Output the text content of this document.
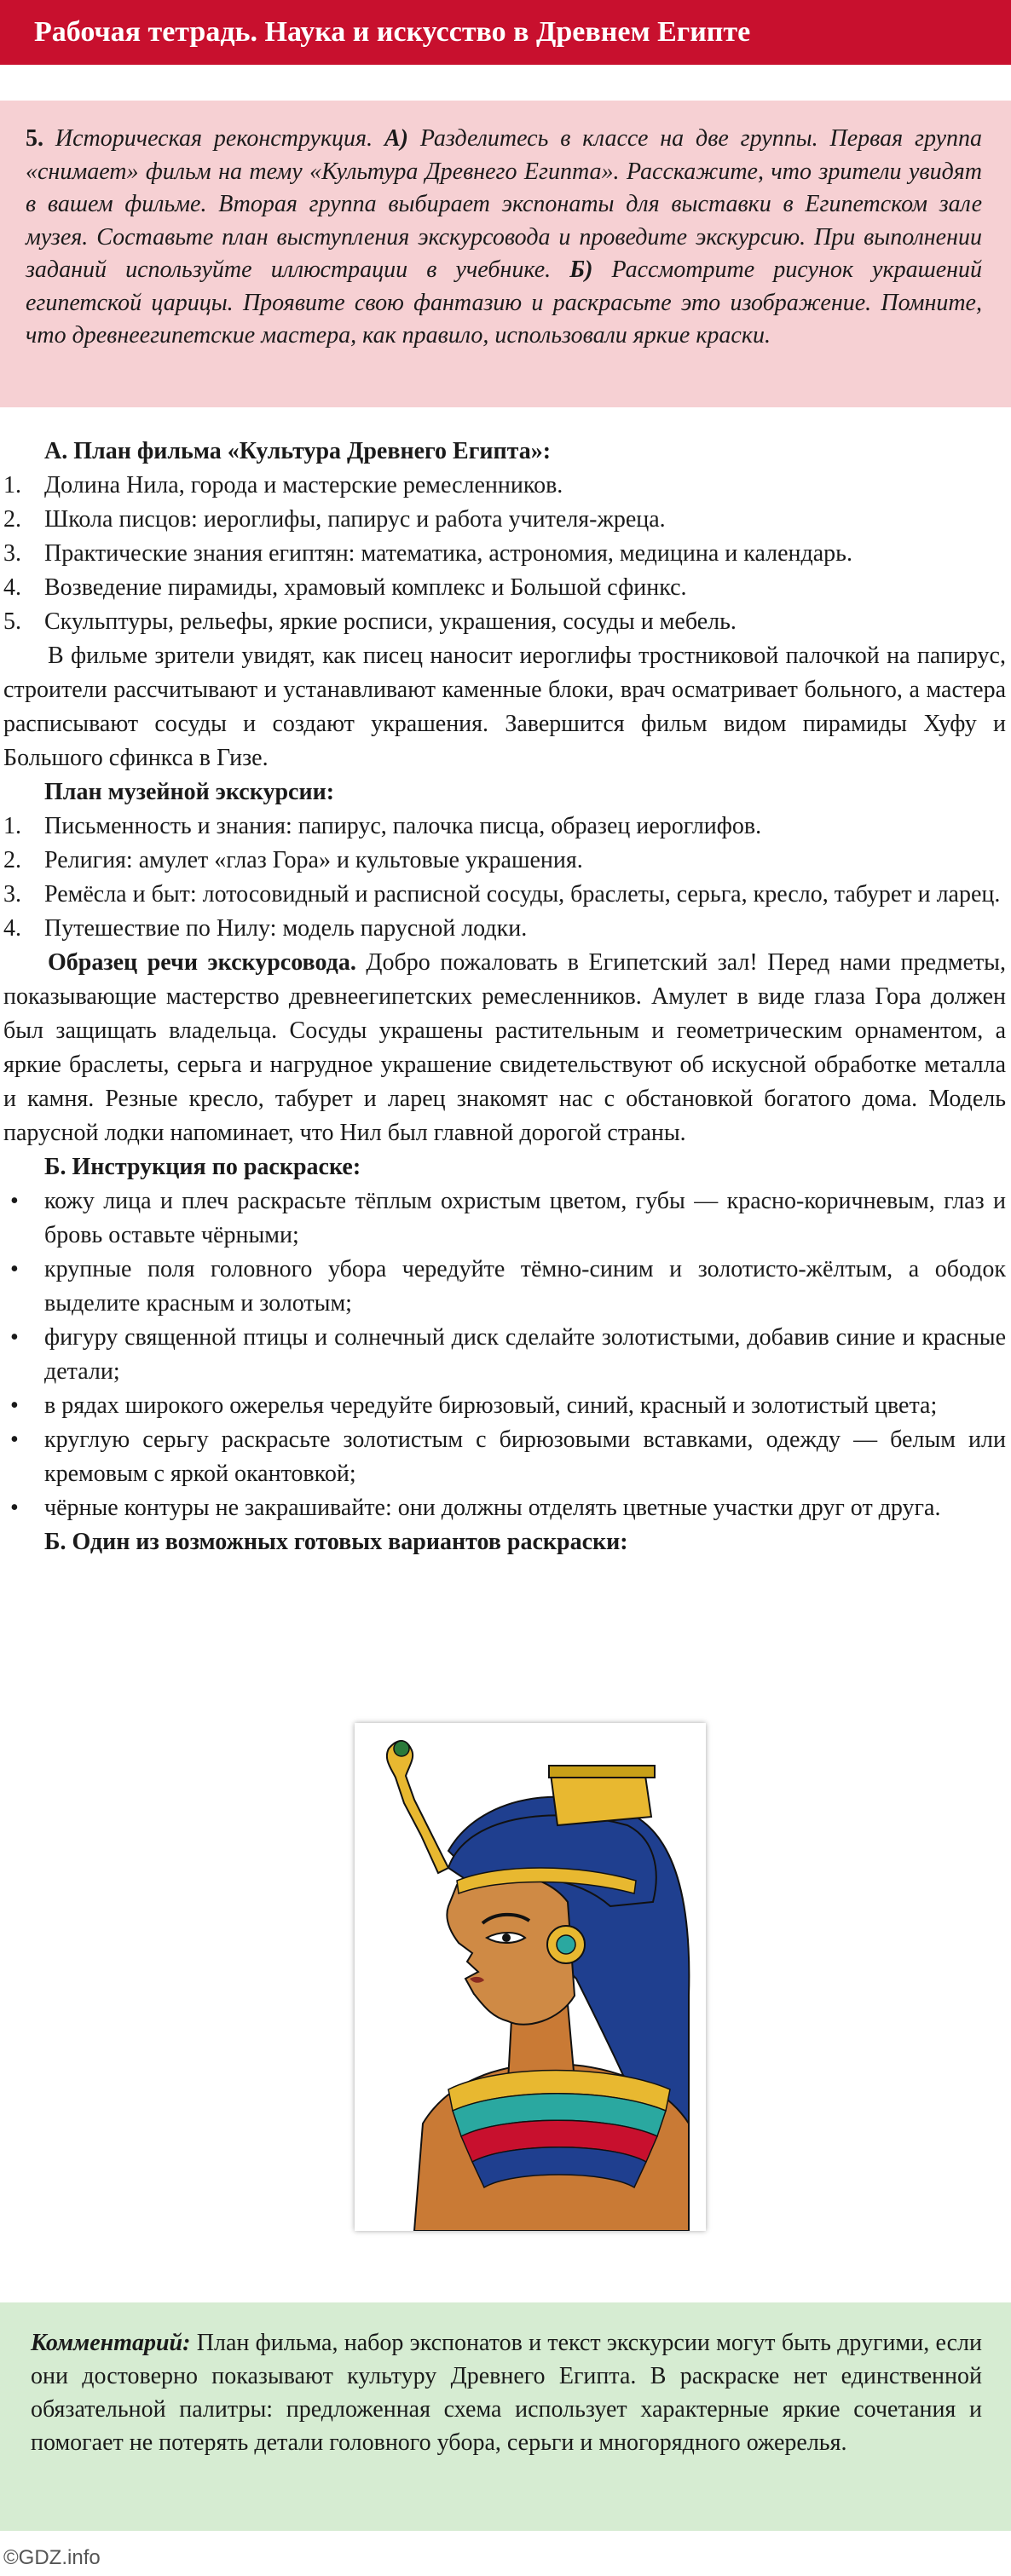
Рабочая тетрадь. Наука и искусство в Древнем Египте
5. Историческая реконструкция. А) Разделитесь в классе на две группы. Первая группа «снимает» фильм на тему «Культура Древнего Египта». Расскажите, что зрители увидят в вашем фильме. Вторая группа выбирает экспонаты для выставки в Египетском зале музея. Составьте план выступления экскурсовода и проведите экскурсию. При выполнении заданий используйте иллюстрации в учебнике. Б) Рассмотрите рисунок украшений египетской царицы. Проявите свою фантазию и раскрасьте это изображение. Помните, что древнеегипетские мастера, как правило, использовали яркие краски.

А. План фильма «Культура Древнего Египта»:

1. Долина Нила, города и мастерские ремесленников.
2. Школа писцов: иероглифы, папирус и работа учителя-жреца.
3. Практические знания египтян: математика, астрономия, медицина и календарь.
4. Возведение пирамиды, храмовый комплекс и Большой сфинкс.
5. Скульптуры, рельефы, яркие росписи, украшения, сосуды и мебель.

В фильме зрители увидят, как писец наносит иероглифы тростниковой палочкой на папирус, строители рассчитывают и устанавливают каменные блоки, врач осматривает больного, а мастера расписывают сосуды и создают украшения. Завершится фильм видом пирамиды Хуфу и Большого сфинкса в Гизе.

План музейной экскурсии:

1. Письменность и знания: папирус, палочка писца, образец иероглифов.
2. Религия: амулет «глаз Гора» и культовые украшения.
3. Ремёсла и быт: лотосовидный и расписной сосуды, браслеты, серьга, кресло, табурет и ларец.
4. Путешествие по Нилу: модель парусной лодки.

Образец речи экскурсовода. Добро пожаловать в Египетский зал! Перед нами предметы, показывающие мастерство древнеегипетских ремесленников. Амулет в виде глаза Гора должен был защищать владельца. Сосуды украшены растительным и геометрическим орнаментом, а яркие браслеты, серьга и нагрудное украшение свидетельствуют об искусной обработке металла и камня. Резные кресло, табурет и ларец знакомят нас с обстановкой богатого дома. Модель парусной лодки напоминает, что Нил был главной дорогой страны.

Б. Инструкция по раскраске:

•	кожу лица и плеч раскрасьте тёплым охристым цветом, губы — красно-коричневым, глаз и бровь оставьте чёрными;
•	крупные поля головного убора чередуйте тёмно-синим и золотисто-жёлтым, а ободок выделите красным и золотым;
•	фигуру священной птицы и солнечный диск сделайте золотистыми, добавив синие и красные детали;
•	в рядах широкого ожерелья чередуйте бирюзовый, синий, красный и золотистый цвета;
•	круглую серьгу раскрасьте золотистым с бирюзовыми вставками, одежду — белым или кремовым с яркой окантовкой;
•	чёрные контуры не закрашивайте: они должны отделять цветные участки друг от друга.

Б. Один из возможных готовых вариантов раскраски:

Комментарий: План фильма, набор экспонатов и текст экскурсии могут быть другими, если они достоверно показывают культуру Древнего Египта. В раскраске нет единственной обязательной палитры: предложенная схема использует характерные яркие сочетания и помогает не потерять детали головного убора, серьги и многорядного ожерелья.
©GDZ.info
